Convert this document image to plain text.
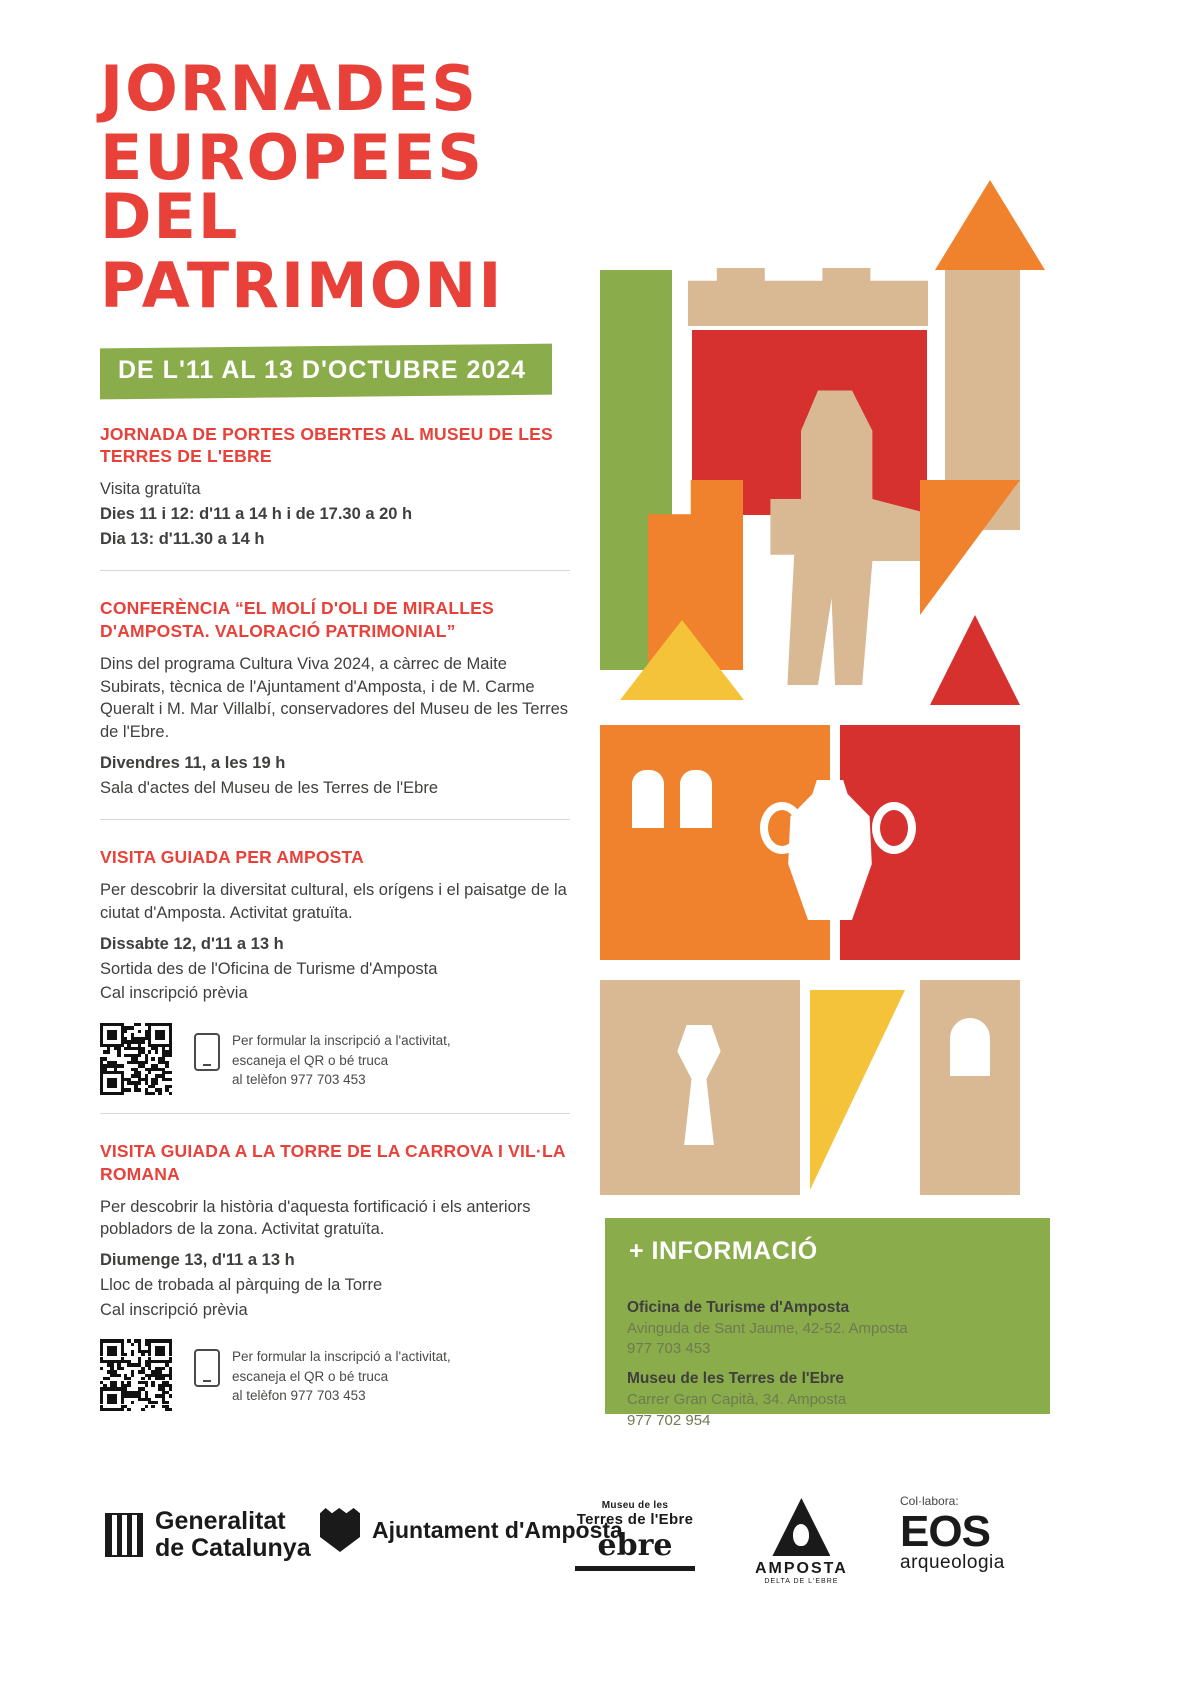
JORNADES
EUROPEES DEL
PATRIMONI
DE L'11 AL 13 D'OCTUBRE 2024
JORNADA DE PORTES OBERTES AL MUSEU DE LES TERRES DE L'EBRE

Visita gratuïta

Dies 11 i 12: d'11 a 14 h i de 17.30 a 20 h

Dia 13: d'11.30 a 14 h

CONFERÈNCIA “EL MOLÍ D'OLI DE MIRALLES D'AMPOSTA. VALORACIÓ PATRIMONIAL”

Dins del programa Cultura Viva 2024, a càrrec de Maite Subirats, tècnica de l'Ajuntament d'Amposta, i de M. Carme Queralt i M. Mar Villalbí, conservadores del Museu de les Terres de l'Ebre.

Divendres 11, a les 19 h

Sala d'actes del Museu de les Terres de l'Ebre

VISITA GUIADA PER AMPOSTA

Per descobrir la diversitat cultural, els orígens i el paisatge de la ciutat d'Amposta. Activitat gratuïta.

Dissabte 12, d'11 a 13 h

Sortida des de l'Oficina de Turisme d'Amposta

Cal inscripció prèvia

Per formular la inscripció a l'activitat,
escaneja el QR o bé truca
al telèfon 977 703 453
VISITA GUIADA A LA TORRE DE LA CARROVA I VIL·LA ROMANA

Per descobrir la història d'aquesta fortificació i els anteriors pobladors de la zona. Activitat gratuïta.

Diumenge 13, d'11 a 13 h

Lloc de trobada al pàrquing de la Torre

Cal inscripció prèvia

Per formular la inscripció a l'activitat,
escaneja el QR o bé truca
al telèfon 977 703 453
+ INFORMACIÓ
Oficina de Turisme d'Amposta
Avinguda de Sant Jaume, 42-52. Amposta
977 703 453
Museu de les Terres de l'Ebre
Carrer Gran Capità, 34. Amposta
977 702 954
Generalitat
de Catalunya
Ajuntament d'Amposta
Museu de les
Terres de l'Ebre
ebre
AMPOSTA
DELTA DE L'EBRE
Col·labora:
EOS
arqueologia
